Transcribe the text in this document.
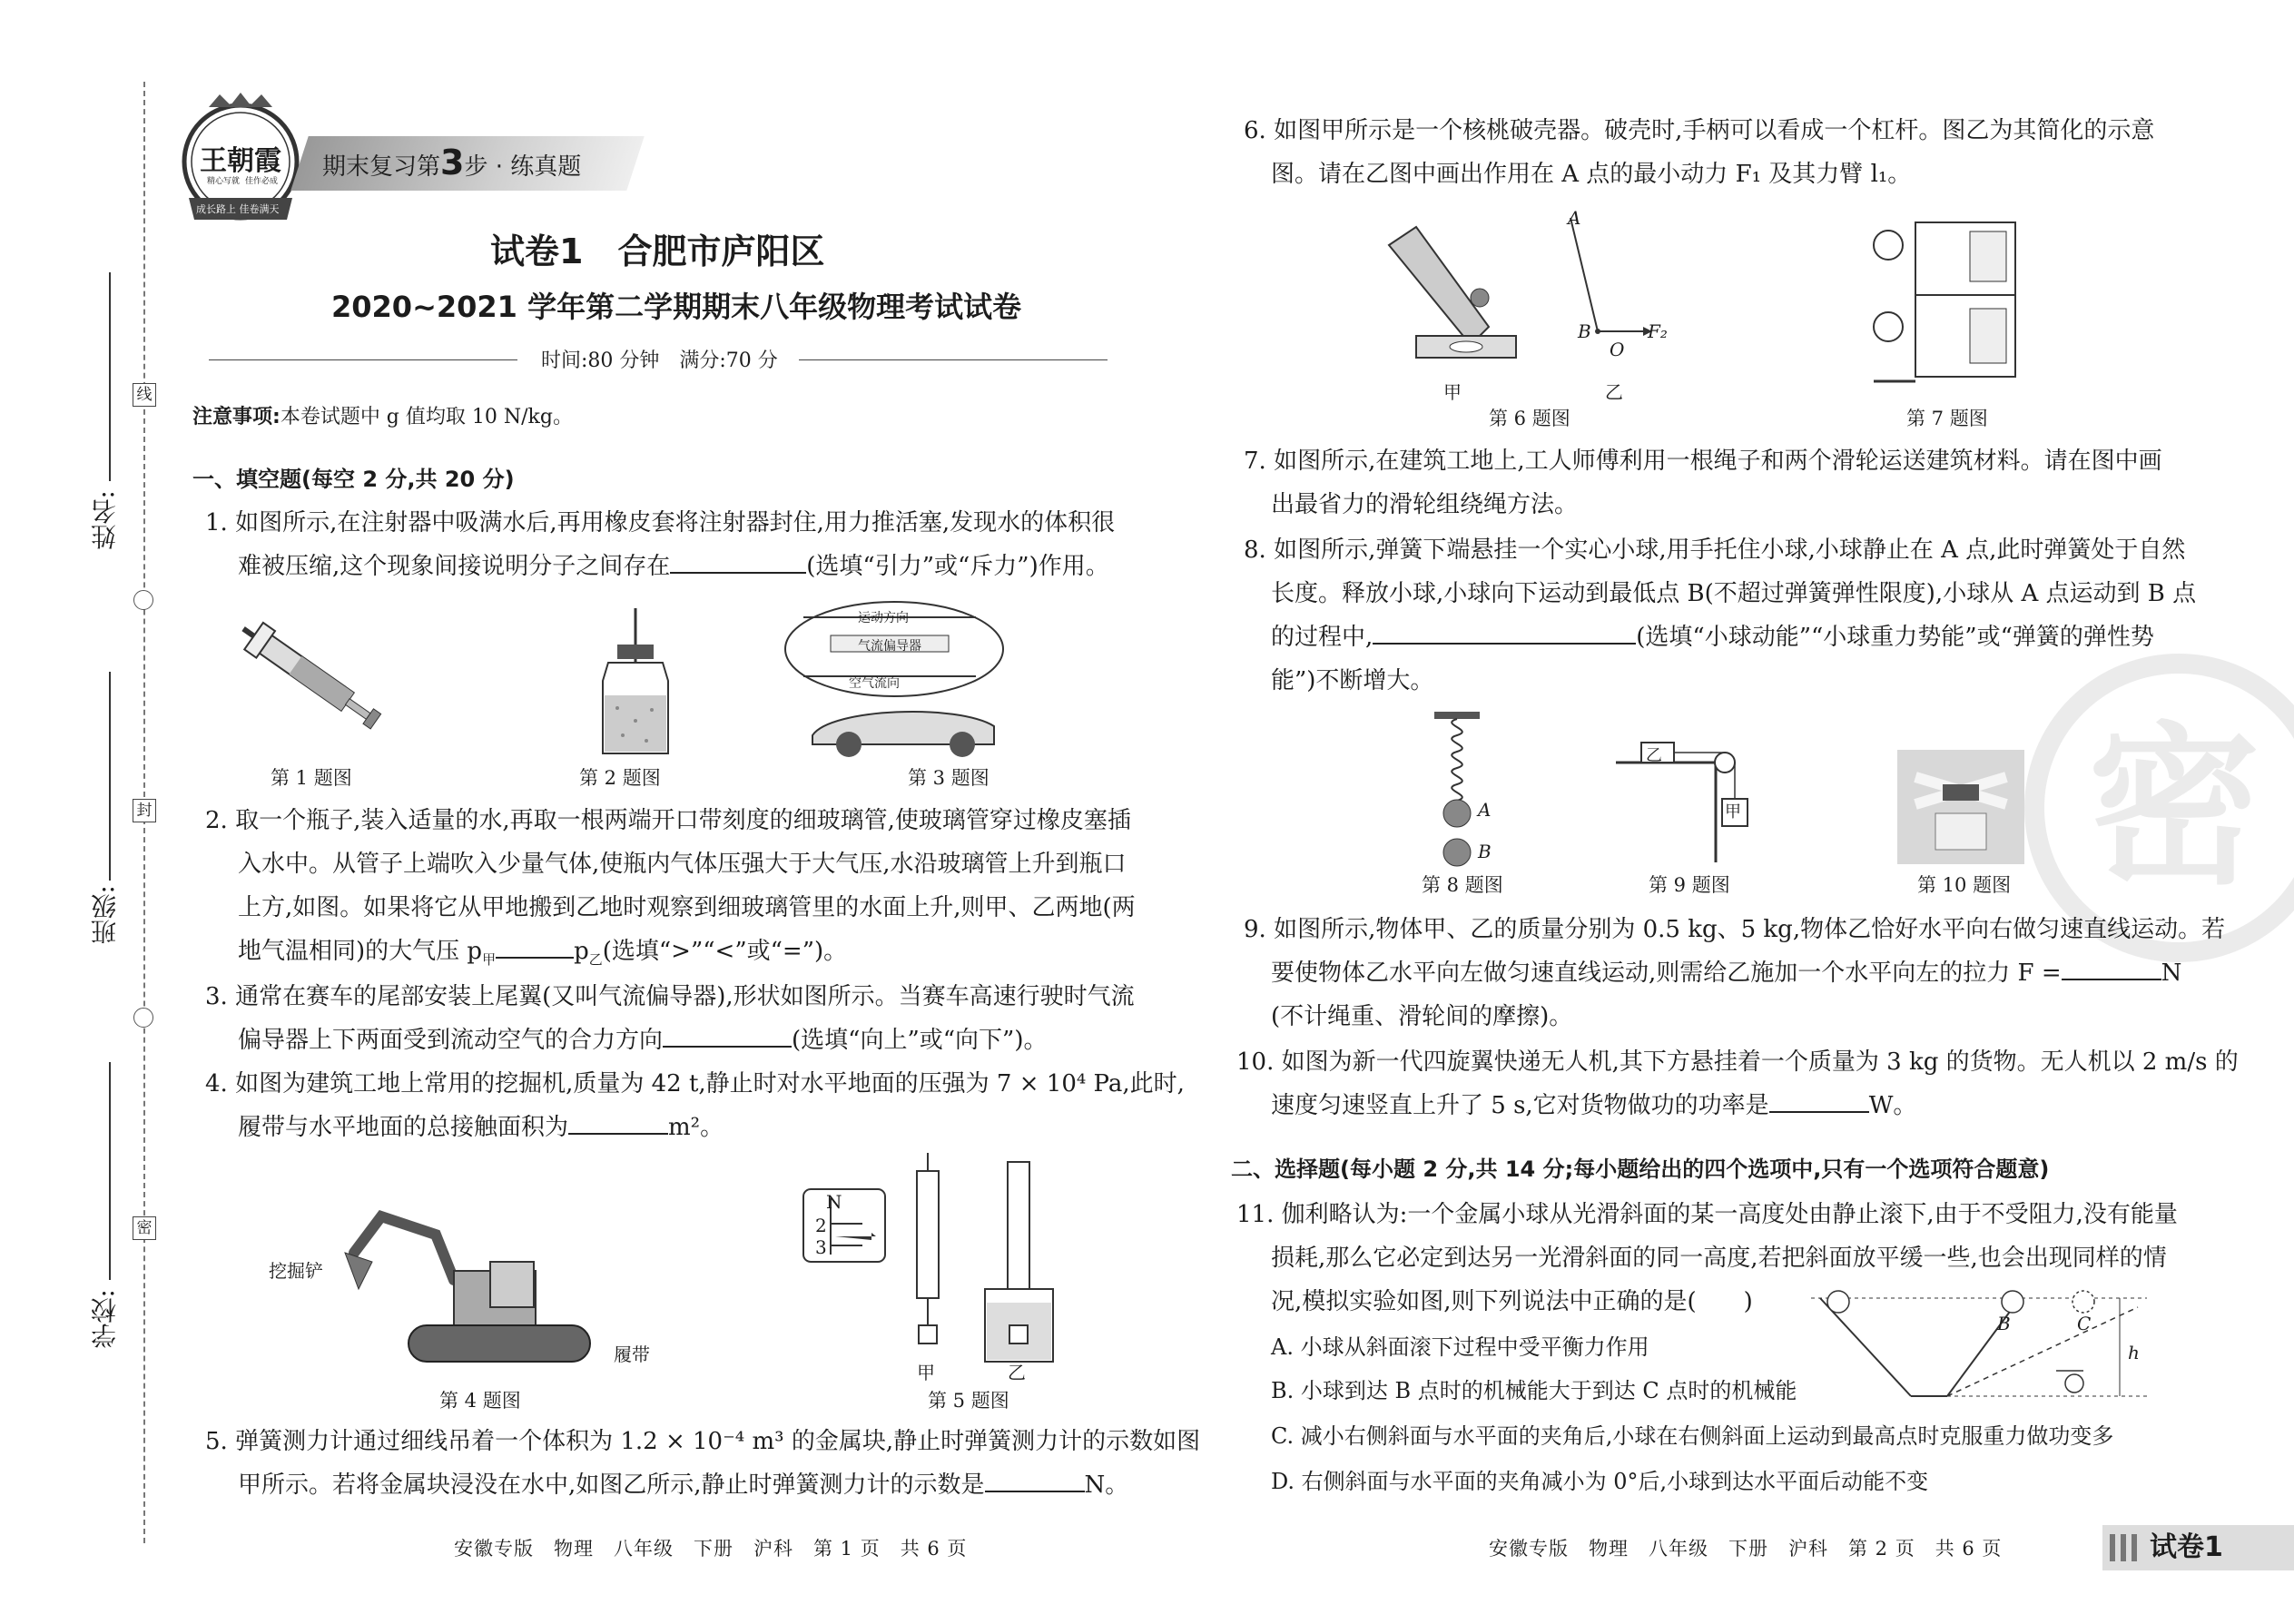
姓名:
班级:
学校:
线
封
密
王朝霞
精心写就 佳作必成
成长路上 佳卷满天
期末复习第3步 · 练真题
试卷1　合肥市庐阳区
2020~2021 学年第二学期期末八年级物理考试试卷
时间:80 分钟　满分:70 分
注意事项:本卷试题中 g 值均取 10 N/kg。
一、填空题(每空 2 分,共 20 分)
1. 如图所示,在注射器中吸满水后,再用橡皮套将注射器封住,用力推活塞,发现水的体积很
难被压缩,这个现象间接说明分子之间存在	(选填“引力”或“斥力”)作用。
第 1 题图	第 2 题图
运动方向
气流偏导器
空气流向
第 3 题图
2. 取一个瓶子,装入适量的水,再取一根两端开口带刻度的细玻璃管,使玻璃管穿过橡皮塞插
入水中。从管子上端吹入少量气体,使瓶内气体压强大于大气压,水沿玻璃管上升到瓶口
上方,如图。如果将它从甲地搬到乙地时观察到细玻璃管里的水面上升,则甲、乙两地(两
地气温相同)的大气压 $p_甲$	$p_乙$(选填“>”“<”或“=”)。
3. 通常在赛车的尾部安装上尾翼(又叫气流偏导器),形状如图所示。当赛车高速行驶时气流
偏导器上下两面受到流动空气的合力方向	(选填“向上”或“向下”)。
4. 如图为建筑工地上常用的挖掘机,质量为 42 t,静止时对水平地面的压强为 7 × 10⁴ Pa,此时,
履带与水平地面的总接触面积为	m²。
挖掘铲
履带
第 4 题图
N
2
3
甲	乙
第 5 题图
5. 弹簧测力计通过细线吊着一个体积为 1.2 × 10⁻⁴ m³ 的金属块,静止时弹簧测力计的示数如图
甲所示。若将金属块浸没在水中,如图乙所示,静止时弹簧测力计的示数是	N。
安徽专版　物理　八年级　下册　沪科　第 1 页　共 6 页
6. 如图甲所示是一个核桃破壳器。破壳时,手柄可以看成一个杠杆。图乙为其简化的示意
图。请在乙图中画出作用在 A 点的最小动力 F₁ 及其力臂 l₁。
甲
A
B
O
F₂
乙
第 6 题图	第 7 题图
7. 如图所示,在建筑工地上,工人师傅利用一根绳子和两个滑轮运送建筑材料。请在图中画
出最省力的滑轮组绕绳方法。
8. 如图所示,弹簧下端悬挂一个实心小球,用手托住小球,小球静止在 A 点,此时弹簧处于自然
长度。释放小球,小球向下运动到最低点 B(不超过弹簧弹性限度),小球从 A 点运动到 B 点
的过程中,	(选填“小球动能”“小球重力势能”或“弹簧的弹性势
能”)不断增大。
A
B
第 8 题图
乙
甲
第 9 题图	第 10 题图
9. 如图所示,物体甲、乙的质量分别为 0.5 kg、5 kg,物体乙恰好水平向右做匀速直线运动。若
要使物体乙水平向左做匀速直线运动,则需给乙施加一个水平向左的拉力 F =	N
(不计绳重、滑轮间的摩擦)。
10. 如图为新一代四旋翼快递无人机,其下方悬挂着一个质量为 3 kg 的货物。无人机以 2 m/s 的
速度匀速竖直上升了 5 s,它对货物做功的功率是	W。
二、选择题(每小题 2 分,共 14 分;每小题给出的四个选项中,只有一个选项符合题意)
11. 伽利略认为:一个金属小球从光滑斜面的某一高度处由静止滚下,由于不受阻力,没有能量
损耗,那么它必定到达另一光滑斜面的同一高度,若把斜面放平缓一些,也会出现同样的情
况,模拟实验如图,则下列说法中正确的是(　　)
A. 小球从斜面滚下过程中受平衡力作用
B. 小球到达 B 点时的机械能大于到达 C 点时的机械能
C. 减小右侧斜面与水平面的夹角后,小球在右侧斜面上运动到最高点时克服重力做功变多
D. 右侧斜面与水平面的夹角减小为 0°后,小球到达水平面后动能不变
B	C
h
安徽专版　物理　八年级　下册　沪科　第 2 页　共 6 页	试卷1
密
